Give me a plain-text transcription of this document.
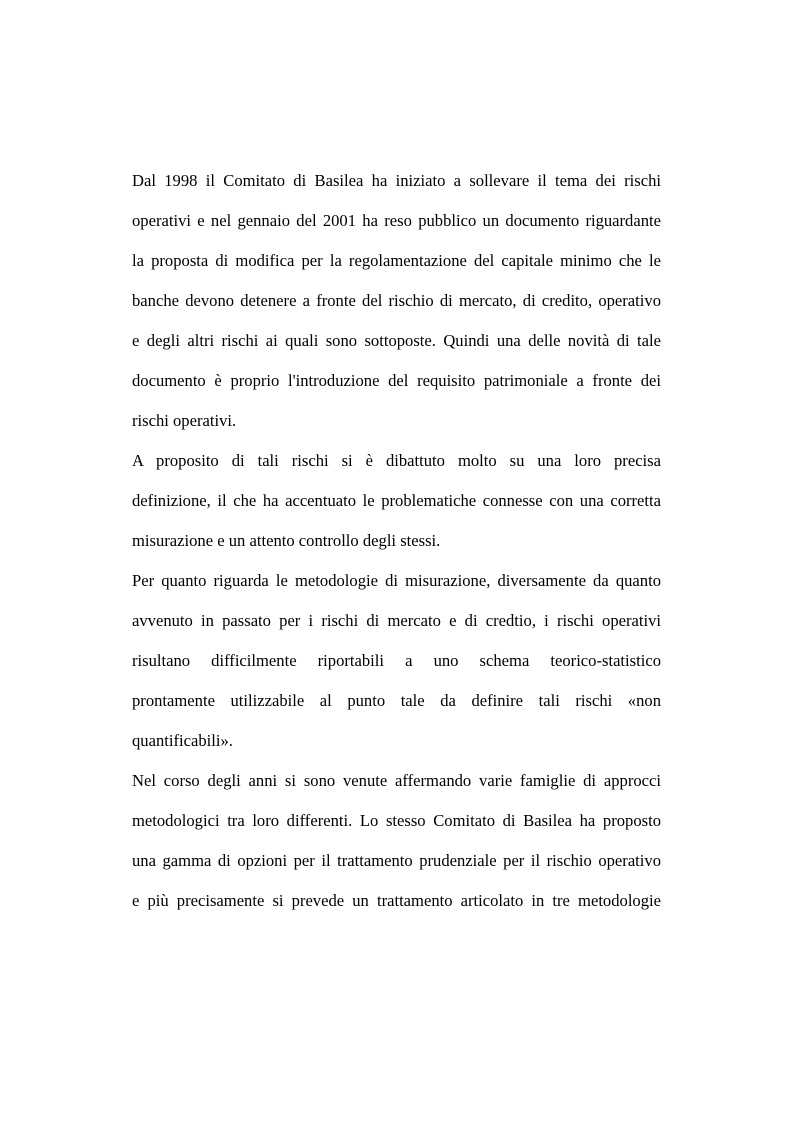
Dal 1998 il Comitato di Basilea ha iniziato a sollevare il tema dei rischi
operativi e nel gennaio del 2001 ha reso pubblico un documento riguardante
la proposta di modifica per la regolamentazione del capitale minimo che le
banche devono detenere a fronte del rischio di mercato, di credito, operativo
e degli altri rischi ai quali sono sottoposte. Quindi una delle novità di tale
documento è proprio l'introduzione del requisito patrimoniale a fronte dei
rischi operativi.
A proposito di tali rischi si è dibattuto molto su una loro precisa
definizione, il che ha accentuato le problematiche connesse con una corretta
misurazione e un attento controllo degli stessi.
Per quanto riguarda le metodologie di misurazione, diversamente da quanto
avvenuto in passato per i rischi di mercato e di credtio, i rischi operativi
risultano difficilmente riportabili a uno schema teorico-statistico
prontamente utilizzabile al punto tale da definire tali rischi «non
quantificabili».
Nel corso degli anni si sono venute affermando varie famiglie di approcci
metodologici tra loro differenti. Lo stesso Comitato di Basilea ha proposto
una gamma di opzioni per il trattamento prudenziale per il rischio operativo
e più precisamente si prevede un trattamento articolato in tre metodologie
